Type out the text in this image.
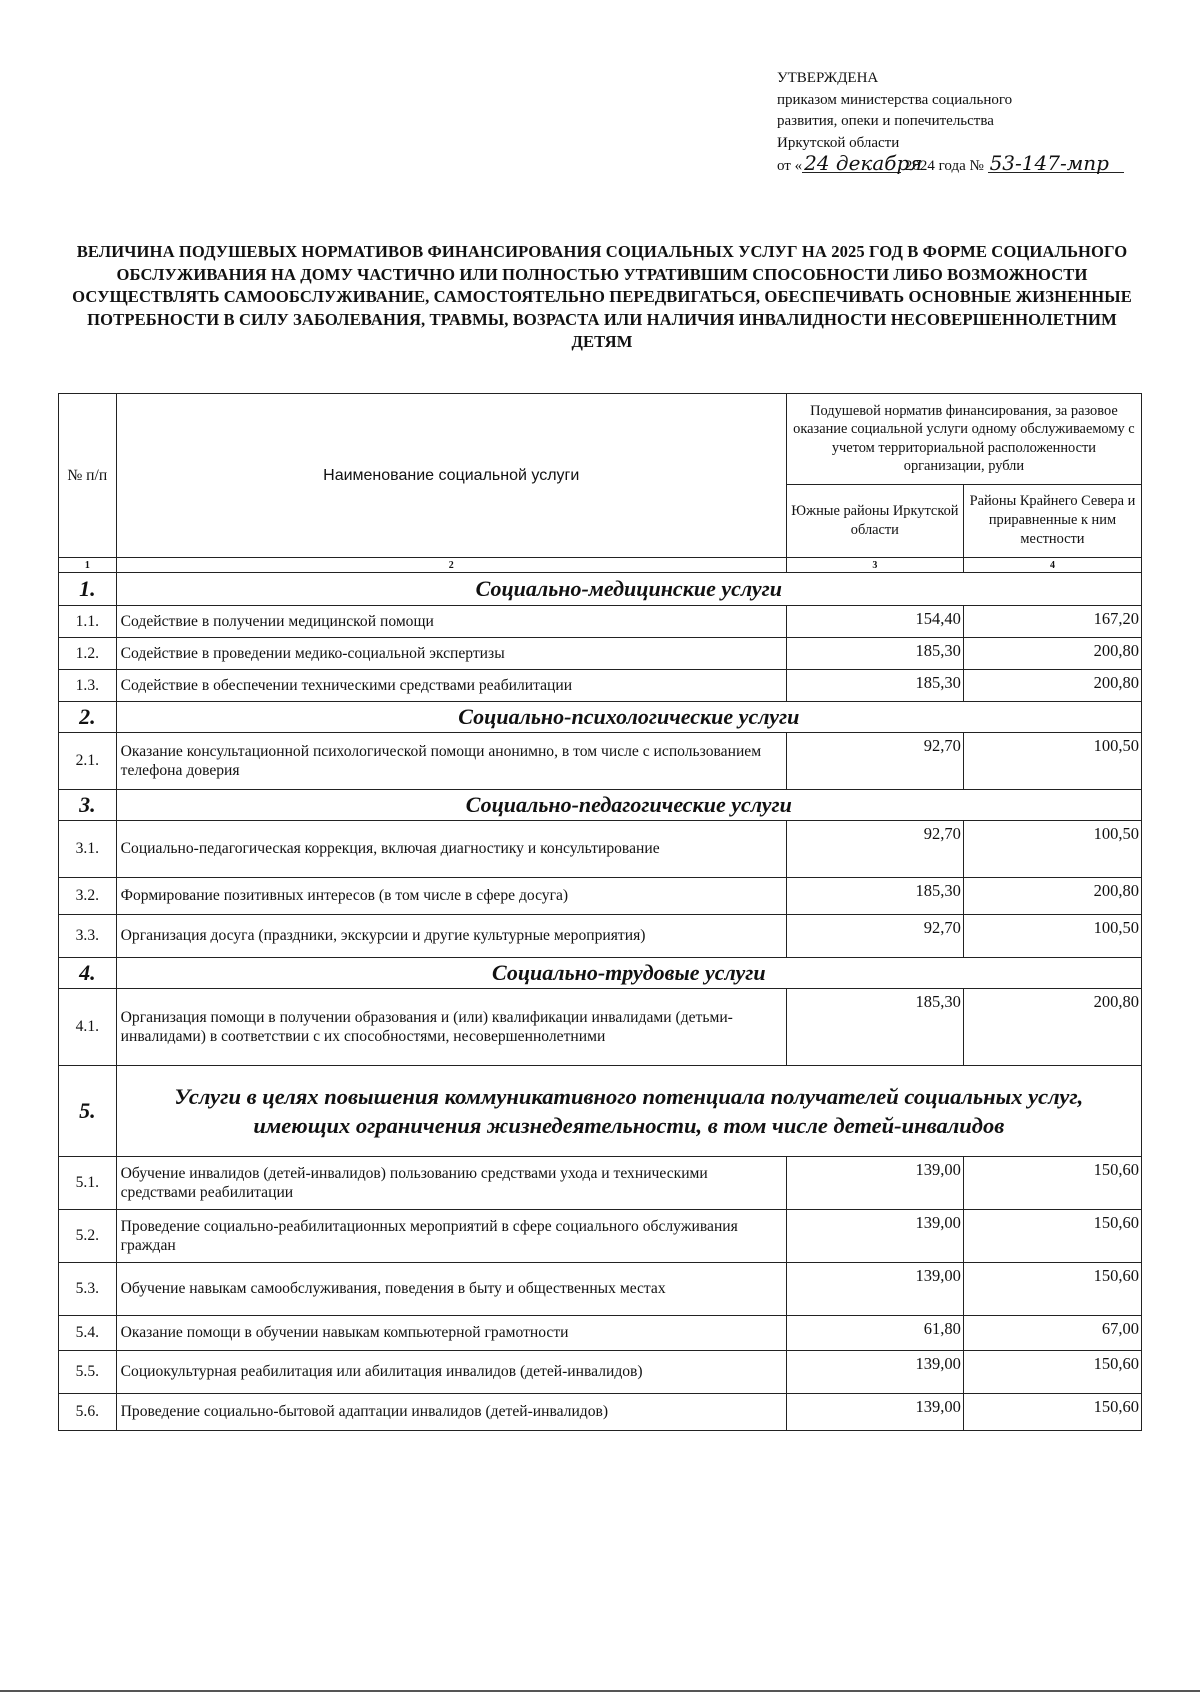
УТВЕРЖДЕНА
приказом министерства социального
развития, опеки и попечительства
Иркутской области
от « 24 декабря 2024 года № 53-147-мпр
ВЕЛИЧИНА ПОДУШЕВЫХ НОРМАТИВОВ ФИНАНСИРОВАНИЯ СОЦИАЛЬНЫХ УСЛУГ НА 2025 ГОД В ФОРМЕ СОЦИАЛЬНОГО ОБСЛУЖИВАНИЯ НА ДОМУ ЧАСТИЧНО ИЛИ ПОЛНОСТЬЮ УТРАТИВШИМ СПОСОБНОСТИ ЛИБО ВОЗМОЖНОСТИ ОСУЩЕСТВЛЯТЬ САМООБСЛУЖИВАНИЕ, САМОСТОЯТЕЛЬНО ПЕРЕДВИГАТЬСЯ, ОБЕСПЕЧИВАТЬ ОСНОВНЫЕ ЖИЗНЕННЫЕ ПОТРЕБНОСТИ В СИЛУ ЗАБОЛЕВАНИЯ, ТРАВМЫ, ВОЗРАСТА ИЛИ НАЛИЧИЯ ИНВАЛИДНОСТИ НЕСОВЕРШЕННОЛЕТНИМ ДЕТЯМ
№ п/п	Наименование социальной услуги	Подушевой норматив финансирования, за разовое оказание социальной услуги одному обслуживаемому с учетом территориальной расположенности организации, рубли	
		Южные районы Иркутской области	Районы Крайнего Севера и приравненные к ним местности
1	2	3	4
1.	Социально-медицинские услуги		
1.1.	Содействие в получении медицинской помощи	154,40	167,20
1.2.	Содействие в проведении медико-социальной экспертизы	185,30	200,80
1.3.	Содействие в обеспечении техническими средствами реабилитации	185,30	200,80
2.	Социально-психологические услуги		
2.1.	Оказание консультационной психологической помощи анонимно, в том числе с использованием телефона доверия	92,70	100,50
3.	Социально-педагогические услуги		
3.1.	Социально-педагогическая коррекция, включая диагностику и консультирование	92,70	100,50
3.2.	Формирование позитивных интересов (в том числе в сфере досуга)	185,30	200,80
3.3.	Организация досуга (праздники, экскурсии и другие культурные мероприятия)	92,70	100,50
4.	Социально-трудовые услуги		
4.1.	Организация помощи в получении образования и (или) квалификации инвалидами (детьми-инвалидами) в соответствии с их способностями, несовершеннолетними	185,30	200,80
5.	Услуги в целях повышения коммуникативного потенциала получателей социальных услуг, имеющих ограничения жизнедеятельности, в том числе детей-инвалидов		
5.1.	Обучение инвалидов (детей-инвалидов) пользованию средствами ухода и техническими средствами реабилитации	139,00	150,60
5.2.	Проведение социально-реабилитационных мероприятий в сфере социального обслуживания граждан	139,00	150,60
5.3.	Обучение навыкам самообслуживания, поведения в быту и общественных местах	139,00	150,60
5.4.	Оказание помощи в обучении навыкам компьютерной грамотности	61,80	67,00
5.5.	Социокультурная реабилитация или абилитация инвалидов (детей-инвалидов)	139,00	150,60
5.6.	Проведение социально-бытовой адаптации инвалидов (детей-инвалидов)	139,00	150,60
